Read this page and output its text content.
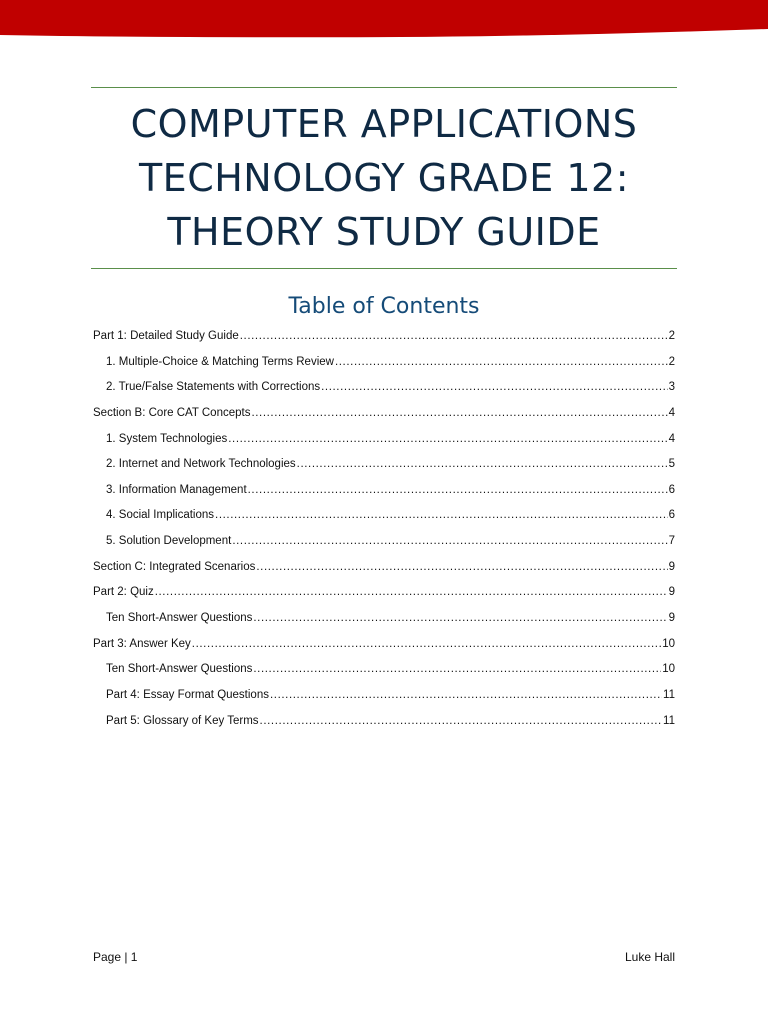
COMPUTER APPLICATIONS
TECHNOLOGY GRADE 12:
THEORY STUDY GUIDE
Table of Contents
Part 1: Detailed Study Guide .....	2
1. Multiple-Choice & Matching Terms Review .....	2
2. True/False Statements with Corrections .....	3
Section B: Core CAT Concepts .....	4
1. System Technologies .....	4
2. Internet and Network Technologies .....	5
3. Information Management .....	6
4. Social Implications .....	6
5. Solution Development .....	7
Section C: Integrated Scenarios .....	9
Part 2: Quiz .....	9
Ten Short-Answer Questions .....	9
Part 3: Answer Key .....	10
Ten Short-Answer Questions .....	10
Part 4: Essay Format Questions .....	11
Part 5: Glossary of Key Terms .....	11
Page | 1	Luke Hall
